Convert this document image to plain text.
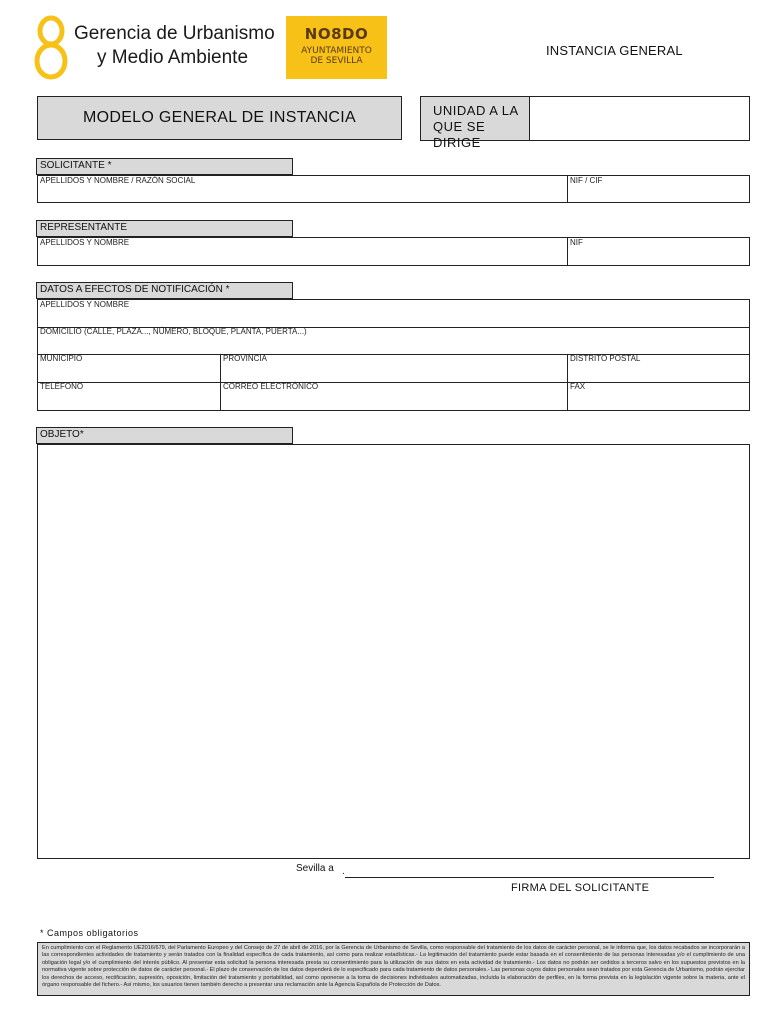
Gerencia de Urbanismo
y Medio Ambiente
NO8DO
AYUNTAMIENTO
DE SEVILLA
INSTANCIA GENERAL
MODELO GENERAL DE INSTANCIA	UNIDAD A LA
QUE SE DIRIGE
SOLICITANTE *
APELLIDOS Y NOMBRE / RAZÓN SOCIAL	NIF / CIF
REPRESENTANTE
APELLIDOS Y NOMBRE	NIF
DATOS A EFECTOS DE NOTIFICACIÓN *
APELLIDOS Y NOMBRE
DOMICILIO (CALLE, PLAZA..., NÚMERO, BLOQUE, PLANTA, PUERTA...)
MUNICIPIO	PROVINCIA	DISTRITO POSTAL
TELÉFONO	CORREO ELECTRÓNICO	FAX
OBJETO*
Sevilla a .
FIRMA DEL SOLICITANTE
* Campos obligatorios
En cumplimiento con el Reglamento UE2016/679, del Parlamento Europeo y del Consejo de 27 de abril de 2016, por la Gerencia de Urbanismo de Sevilla, como responsable del tratamiento de los datos de carácter personal, se le informa que, los datos recabados se incorporarán a las correspondientes actividades de tratamiento y serán tratados con la finalidad específica de cada tratamiento, así como para realizar estadísticas.- La legitimación del tratamiento puede estar basada en el consentimiento de las personas interesadas y/o el cumplimiento de una obligación legal y/o el cumplimiento del interés público. Al presentar esta solicitud la persona interesada presta su consentimiento para la utilización de sus datos en esta actividad de tratamiento.- Los datos no podrán ser cedidos a terceros salvo en los supuestos previstos en la normativa vigente sobre protección de datos de carácter personal.- El plazo de conservación de los datos dependerá de lo especificado para cada tratamiento de datos personales.- Las personas cuyos datos personales sean tratados por esta Gerencia de Urbanismo, podrán ejercitar los derechos de acceso, rectificación, supresión, oposición, limitación del tratamiento y portabilidad, así como oponerse a la toma de decisiones individuales automatizadas, incluida la elaboración de perfiles, en la forma prevista en la legislación vigente sobre la materia, ante el órgano responsable del fichero.- Así mismo, los usuarios tienen también derecho a presentar una reclamación ante la Agencia Española de Protección de Datos.
